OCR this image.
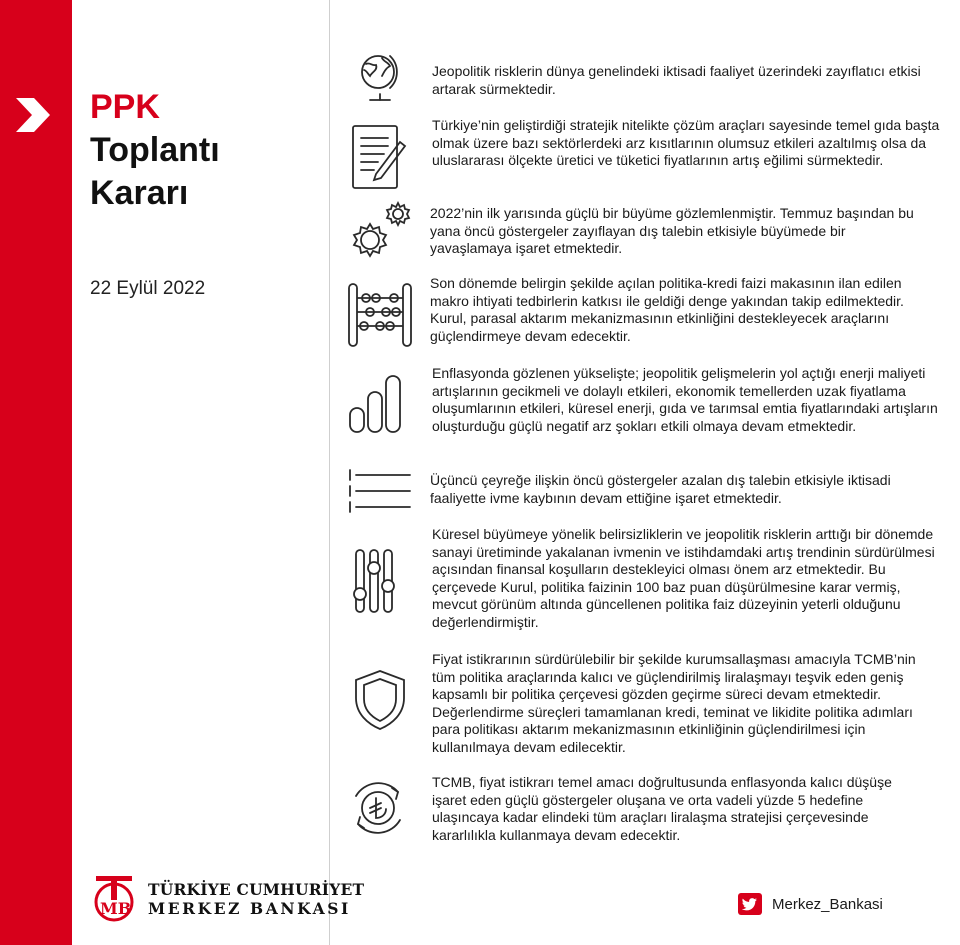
PPK
Toplantı
Kararı
22 Eylül 2022
MB
TÜRKİYE CUMHURİYET
MERKEZ BANKASI
Jeopolitik risklerin dünya genelindeki iktisadi faaliyet üzerindeki zayıflatıcı etkisi artarak sürmektedir.
Türkiye’nin geliştirdiği stratejik nitelikte çözüm araçları sayesinde temel gıda başta olmak üzere bazı sektörlerdeki arz kısıtlarının olumsuz etkileri azaltılmış olsa da uluslararası ölçekte üretici ve tüketici fiyatlarının artış eğilimi sürmektedir.
2022’nin ilk yarısında güçlü bir büyüme gözlemlenmiştir. Temmuz başından bu yana öncü göstergeler zayıflayan dış talebin etkisiyle büyümede bir yavaşlamaya işaret etmektedir.
Son dönemde belirgin şekilde açılan politika-kredi faizi makasının ilan edilen makro ihtiyati tedbirlerin katkısı ile geldiği denge yakından takip edilmektedir. Kurul, parasal aktarım mekanizmasının etkinliğini destekleyecek araçlarını güçlendirmeye devam edecektir.
Enflasyonda gözlenen yükselişte; jeopolitik gelişmelerin yol açtığı enerji maliyeti artışlarının gecikmeli ve dolaylı etkileri, ekonomik temellerden uzak fiyatlama oluşumlarının etkileri, küresel enerji, gıda ve tarımsal emtia fiyatlarındaki artışların oluşturduğu güçlü negatif arz şokları etkili olmaya devam etmektedir.
Üçüncü çeyreğe ilişkin öncü göstergeler azalan dış talebin etkisiyle iktisadi faaliyette ivme kaybının devam ettiğine işaret etmektedir.
Küresel büyümeye yönelik belirsizliklerin ve jeopolitik risklerin arttığı bir dönemde sanayi üretiminde yakalanan ivmenin ve istihdamdaki artış trendinin sürdürülmesi açısından finansal koşulların destekleyici olması önem arz etmektedir. Bu çerçevede Kurul, politika faizinin 100 baz puan düşürülmesine karar vermiş, mevcut görünüm altında güncellenen politika faiz düzeyinin yeterli olduğunu değerlendirmiştir.
Fiyat istikrarının sürdürülebilir bir şekilde kurumsallaşması amacıyla TCMB’nin tüm politika araçlarında kalıcı ve güçlendirilmiş liralaşmayı teşvik eden geniş kapsamlı bir politika çerçevesi gözden geçirme süreci devam etmektedir. Değerlendirme süreçleri tamamlanan kredi, teminat ve likidite politika adımları para politikası aktarım mekanizmasının etkinliğinin güçlendirilmesi için kullanılmaya devam edilecektir.
TCMB, fiyat istikrarı temel amacı doğrultusunda enflasyonda kalıcı düşüşe işaret eden güçlü göstergeler oluşana ve orta vadeli yüzde 5 hedefine ulaşıncaya kadar elindeki tüm araçları liralaşma stratejisi çerçevesinde kararlılıkla kullanmaya devam edecektir.
Merkez_Bankasi
